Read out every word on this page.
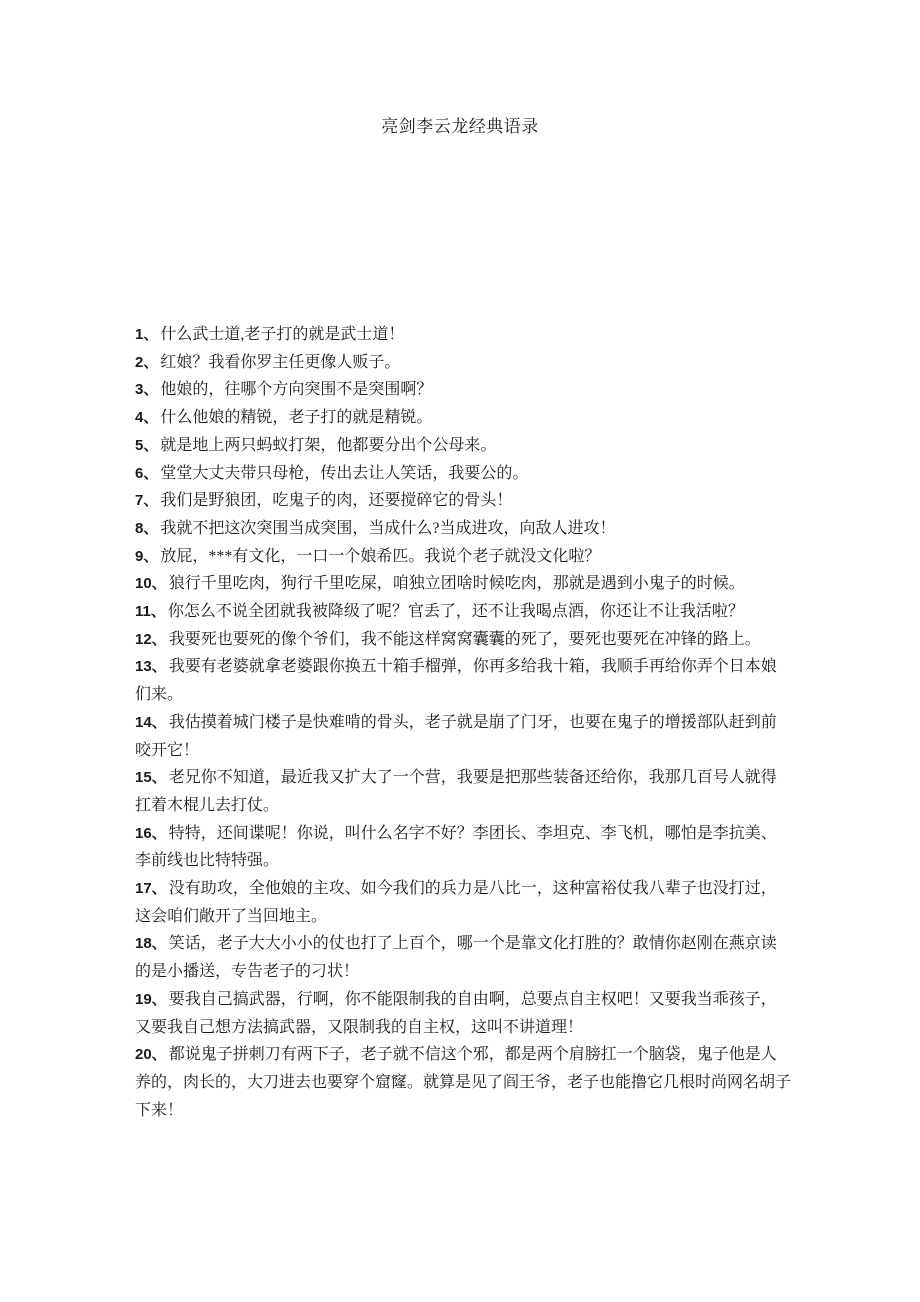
亮剑李云龙经典语录

1、 什么武士道,老子打的就是武士道！

2、 红娘？我看你罗主任更像人贩子。

3、 他娘的，往哪个方向突围不是突围啊？

4、 什么他娘的精锐，老子打的就是精锐。

5、 就是地上两只蚂蚁打架，他都要分出个公母来。

6、 堂堂大丈夫带只母枪，传出去让人笑话，我要公的。

7、 我们是野狼团，吃鬼子的肉，还要搅碎它的骨头！

8、 我就不把这次突围当成突围，当成什么?当成进攻，向敌人进攻！

9、 放屁，***有文化，一口一个娘希匹。我说个老子就没文化啦？

10、 狼行千里吃肉，狗行千里吃屎，咱独立团啥时候吃肉，那就是遇到小鬼子的时候。

11、 你怎么不说全团就我被降级了呢？官丢了，还不让我喝点酒，你还让不让我活啦？

12、 我要死也要死的像个爷们，我不能这样窝窝囊囊的死了，要死也要死在冲锋的路上。

13、 我要有老婆就拿老婆跟你换五十箱手榴弹，你再多给我十箱，我顺手再给你弄个日本娘们来。

14、 我估摸着城门楼子是快难啃的骨头，老子就是崩了门牙，也要在鬼子的增援部队赶到前咬开它！

15、 老兄你不知道，最近我又扩大了一个营，我要是把那些装备还给你，我那几百号人就得扛着木棍儿去打仗。

16、 特特，还间谍呢！你说，叫什么名字不好？李团长、李坦克、李飞机，哪怕是李抗美、李前线也比特特强。

17、 没有助攻，全他娘的主攻、如今我们的兵力是八比一，这种富裕仗我八辈子也没打过，这会咱们敞开了当回地主。

18、 笑话，老子大大小小的仗也打了上百个，哪一个是靠文化打胜的？敢情你赵刚在燕京读的是小播送，专告老子的刁状！

19、 要我自己搞武器，行啊，你不能限制我的自由啊，总要点自主权吧！又要我当乖孩子，又要我自己想方法搞武器，又限制我的自主权，这叫不讲道理！

20、 都说鬼子拼刺刀有两下子，老子就不信这个邪，都是两个肩膀扛一个脑袋，鬼子他是人养的，肉长的，大刀进去也要穿个窟窿。就算是见了阎王爷，老子也能撸它几根时尚网名胡子下来！
